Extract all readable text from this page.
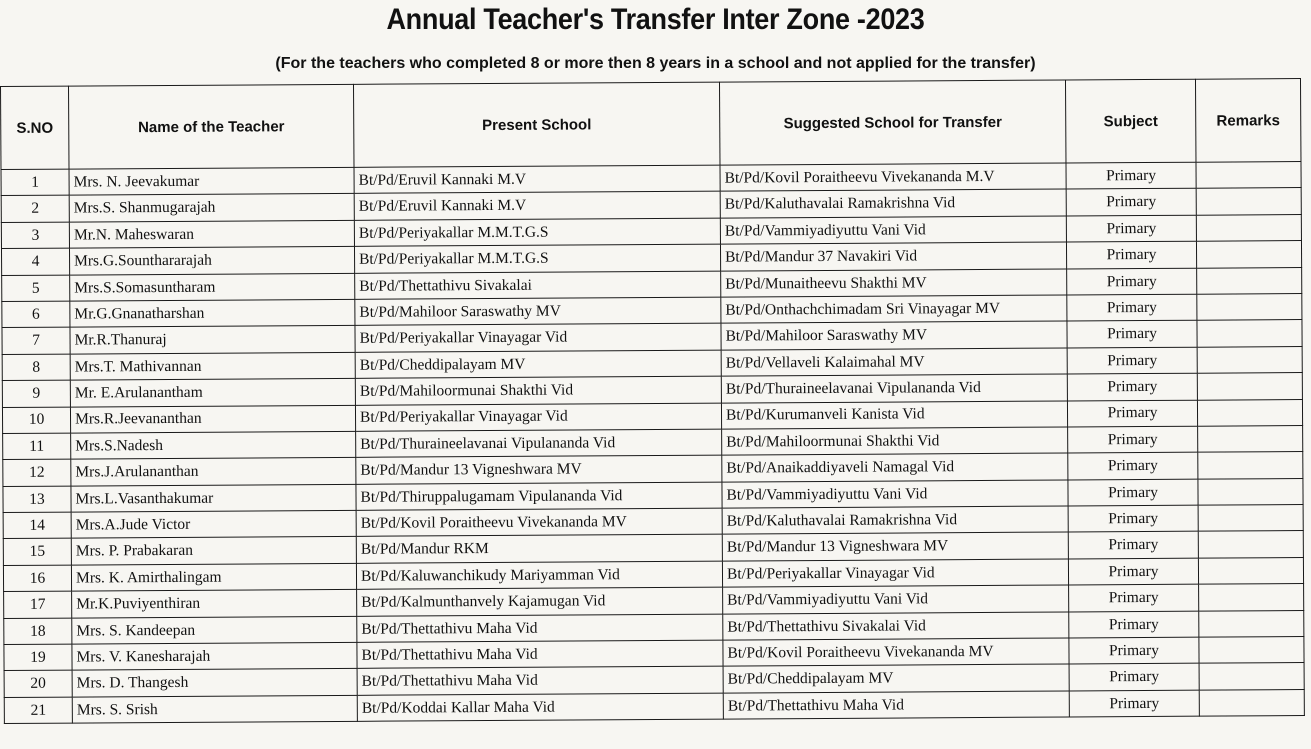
Annual Teacher's Transfer Inter Zone -2023
(For the teachers who completed 8 or more then 8 years in a school and not applied for the transfer)
S.NO	Name of the Teacher	Present School	Suggested School for Transfer	Subject	Remarks
1	Mrs. N. Jeevakumar	Bt/Pd/Eruvil Kannaki M.V	Bt/Pd/Kovil Poraitheevu Vivekananda M.V	Primary	
2	Mrs.S. Shanmugarajah	Bt/Pd/Eruvil Kannaki M.V	Bt/Pd/Kaluthavalai Ramakrishna Vid	Primary	
3	Mr.N. Maheswaran	Bt/Pd/Periyakallar M.M.T.G.S	Bt/Pd/Vammiyadiyuttu Vani Vid	Primary	
4	Mrs.G.Sounthararajah	Bt/Pd/Periyakallar M.M.T.G.S	Bt/Pd/Mandur 37 Navakiri Vid	Primary	
5	Mrs.S.Somasuntharam	Bt/Pd/Thettathivu Sivakalai	Bt/Pd/Munaitheevu Shakthi MV	Primary	
6	Mr.G.Gnanatharshan	Bt/Pd/Mahiloor Saraswathy MV	Bt/Pd/Onthachchimadam Sri Vinayagar MV	Primary	
7	Mr.R.Thanuraj	Bt/Pd/Periyakallar Vinayagar Vid	Bt/Pd/Mahiloor Saraswathy MV	Primary	
8	Mrs.T. Mathivannan	Bt/Pd/Cheddipalayam MV	Bt/Pd/Vellaveli Kalaimahal MV	Primary	
9	Mr. E.Arulanantham	Bt/Pd/Mahiloormunai Shakthi Vid	Bt/Pd/Thuraineelavanai Vipulananda Vid	Primary	
10	Mrs.R.Jeevananthan	Bt/Pd/Periyakallar Vinayagar Vid	Bt/Pd/Kurumanveli Kanista Vid	Primary	
11	Mrs.S.Nadesh	Bt/Pd/Thuraineelavanai Vipulananda Vid	Bt/Pd/Mahiloormunai Shakthi Vid	Primary	
12	Mrs.J.Arulananthan	Bt/Pd/Mandur 13 Vigneshwara MV	Bt/Pd/Anaikaddiyaveli Namagal Vid	Primary	
13	Mrs.L.Vasanthakumar	Bt/Pd/Thiruppalugamam Vipulananda Vid	Bt/Pd/Vammiyadiyuttu Vani Vid	Primary	
14	Mrs.A.Jude Victor	Bt/Pd/Kovil Poraitheevu Vivekananda MV	Bt/Pd/Kaluthavalai Ramakrishna Vid	Primary	
15	Mrs. P. Prabakaran	Bt/Pd/Mandur RKM	Bt/Pd/Mandur 13 Vigneshwara MV	Primary	
16	Mrs. K. Amirthalingam	Bt/Pd/Kaluwanchikudy Mariyamman Vid	Bt/Pd/Periyakallar Vinayagar Vid	Primary	
17	Mr.K.Puviyenthiran	Bt/Pd/Kalmunthanvely Kajamugan Vid	Bt/Pd/Vammiyadiyuttu Vani Vid	Primary	
18	Mrs. S. Kandeepan	Bt/Pd/Thettathivu Maha Vid	Bt/Pd/Thettathivu Sivakalai Vid	Primary	
19	Mrs. V. Kanesharajah	Bt/Pd/Thettathivu Maha Vid	Bt/Pd/Kovil Poraitheevu Vivekananda MV	Primary	
20	Mrs. D. Thangesh	Bt/Pd/Thettathivu Maha Vid	Bt/Pd/Cheddipalayam MV	Primary	
21	Mrs. S. Srish	Bt/Pd/Koddai Kallar Maha Vid	Bt/Pd/Thettathivu Maha Vid	Primary	
